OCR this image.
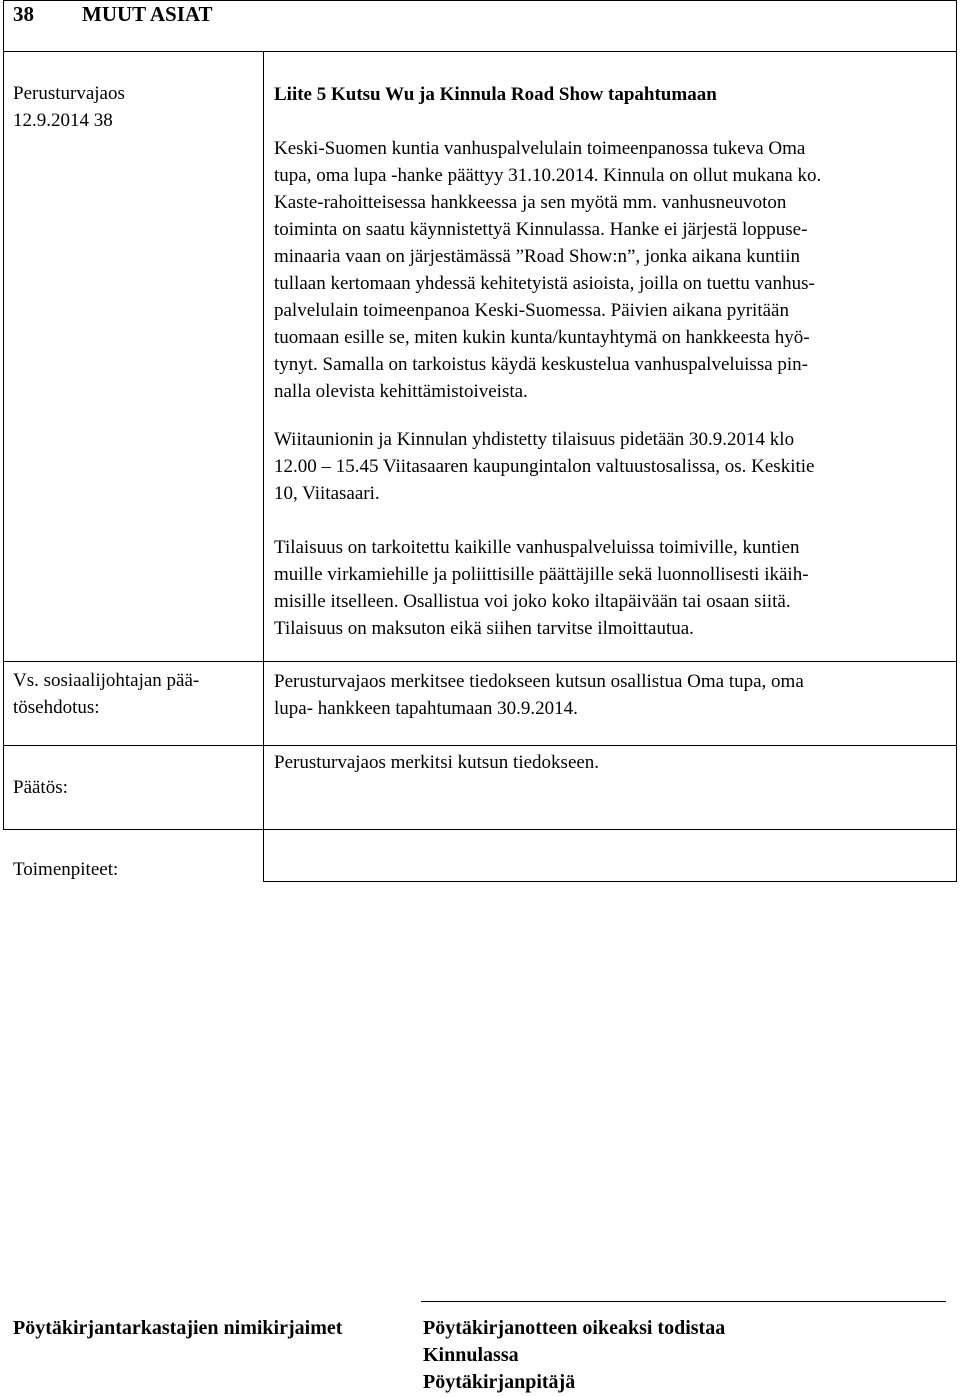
38 MUUT ASIAT
Perusturvajaos
12.9.2014 38
Vs. sosiaalijohtajan pää-
tösehdotus:
Päätös:
Toimenpiteet:
Liite 5 Kutsu Wu ja Kinnula Road Show tapahtumaan
Keski-Suomen kuntia vanhuspalvelulain toimeenpanossa tukeva Oma
tupa, oma lupa -hanke päättyy 31.10.2014. Kinnula on ollut mukana ko.
Kaste-rahoitteisessa hankkeessa ja sen myötä mm. vanhusneuvoton
toiminta on saatu käynnistettyä Kinnulassa. Hanke ei järjestä loppuse-
minaaria vaan on järjestämässä ”Road Show:n”, jonka aikana kuntiin
tullaan kertomaan yhdessä kehitetyistä asioista, joilla on tuettu vanhus-
palvelulain toimeenpanoa Keski-Suomessa. Päivien aikana pyritään
tuomaan esille se, miten kukin kunta/kuntayhtymä on hankkeesta hyö-
tynyt. Samalla on tarkoistus käydä keskustelua vanhuspalveluissa pin-
nalla olevista kehittämistoiveista.
Wiitaunionin ja Kinnulan yhdistetty tilaisuus pidetään 30.9.2014 klo
12.00 – 15.45 Viitasaaren kaupungintalon valtuustosalissa, os. Keskitie
10, Viitasaari.
Tilaisuus on tarkoitettu kaikille vanhuspalveluissa toimiville, kuntien
muille virkamiehille ja poliittisille päättäjille sekä luonnollisesti ikäih-
misille itselleen. Osallistua voi joko koko iltapäivään tai osaan siitä.
Tilaisuus on maksuton eikä siihen tarvitse ilmoittautua.
Perusturvajaos merkitsee tiedokseen kutsun osallistua Oma tupa, oma
lupa- hankkeen tapahtumaan 30.9.2014.
Perusturvajaos merkitsi kutsun tiedokseen.
Pöytäkirjantarkastajien nimikirjaimet	Pöytäkirjanotteen oikeaksi todistaa
Kinnulassa
Pöytäkirjanpitäjä
